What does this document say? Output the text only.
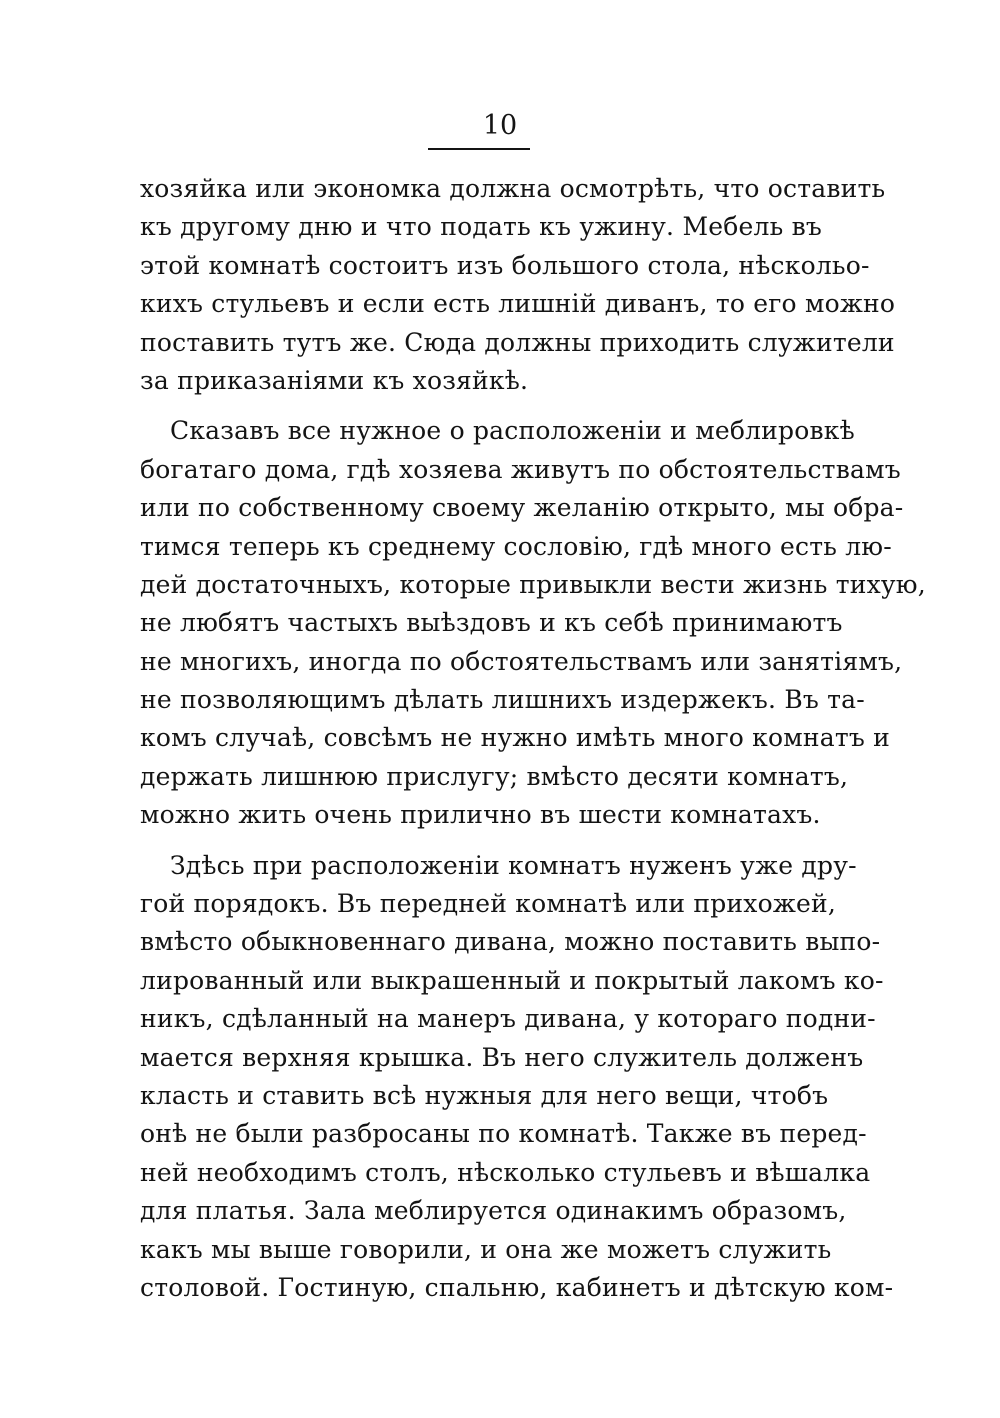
10
хозяйка или экономка должна осмотрѣть, что оставить
къ другому дню и что подать къ ужину. Мебель въ
этой комнатѣ состоитъ изъ большого стола, нѣскольо-
кихъ стульевъ и если есть лишній диванъ, то его можно
поставить тутъ же. Сюда должны приходить служители
за приказаніями къ хозяйкѣ.
Сказавъ все нужное о расположеніи и меблировкѣ
богатаго дома, гдѣ хозяева живутъ по обстоятельствамъ
или по собственному своему желанію открыто, мы обра-
тимся теперь къ среднему сословію, гдѣ много есть лю-
дей достаточныхъ, которые привыкли вести жизнь тихую,
не любятъ частыхъ выѣздовъ и къ себѣ принимаютъ
не многихъ, иногда по обстоятельствамъ или занятіямъ,
не позволяющимъ дѣлать лишнихъ издержекъ. Въ та-
комъ случаѣ, совсѣмъ не нужно имѣть много комнатъ и
держать лишнюю прислугу; вмѣсто десяти комнатъ,
можно жить очень прилично въ шести комнатахъ.
Здѣсь при расположеніи комнатъ нуженъ уже дру-
гой порядокъ. Въ передней комнатѣ или прихожей,
вмѣсто обыкновеннаго дивана, можно поставить выпо-
лированный или выкрашенный и покрытый лакомъ ко-
никъ, сдѣланный на манеръ дивана, у котораго подни-
мается верхняя крышка. Въ него служитель долженъ
класть и ставить всѣ нужныя для него вещи, чтобъ
онѣ не были разбросаны по комнатѣ. Также въ перед-
ней необходимъ столъ, нѣсколько стульевъ и вѣшалка
для платья. Зала меблируется одинакимъ образомъ,
какъ мы выше говорили, и она же можетъ служить
столовой. Гостиную, спальню, кабинетъ и дѣтскую ком-
